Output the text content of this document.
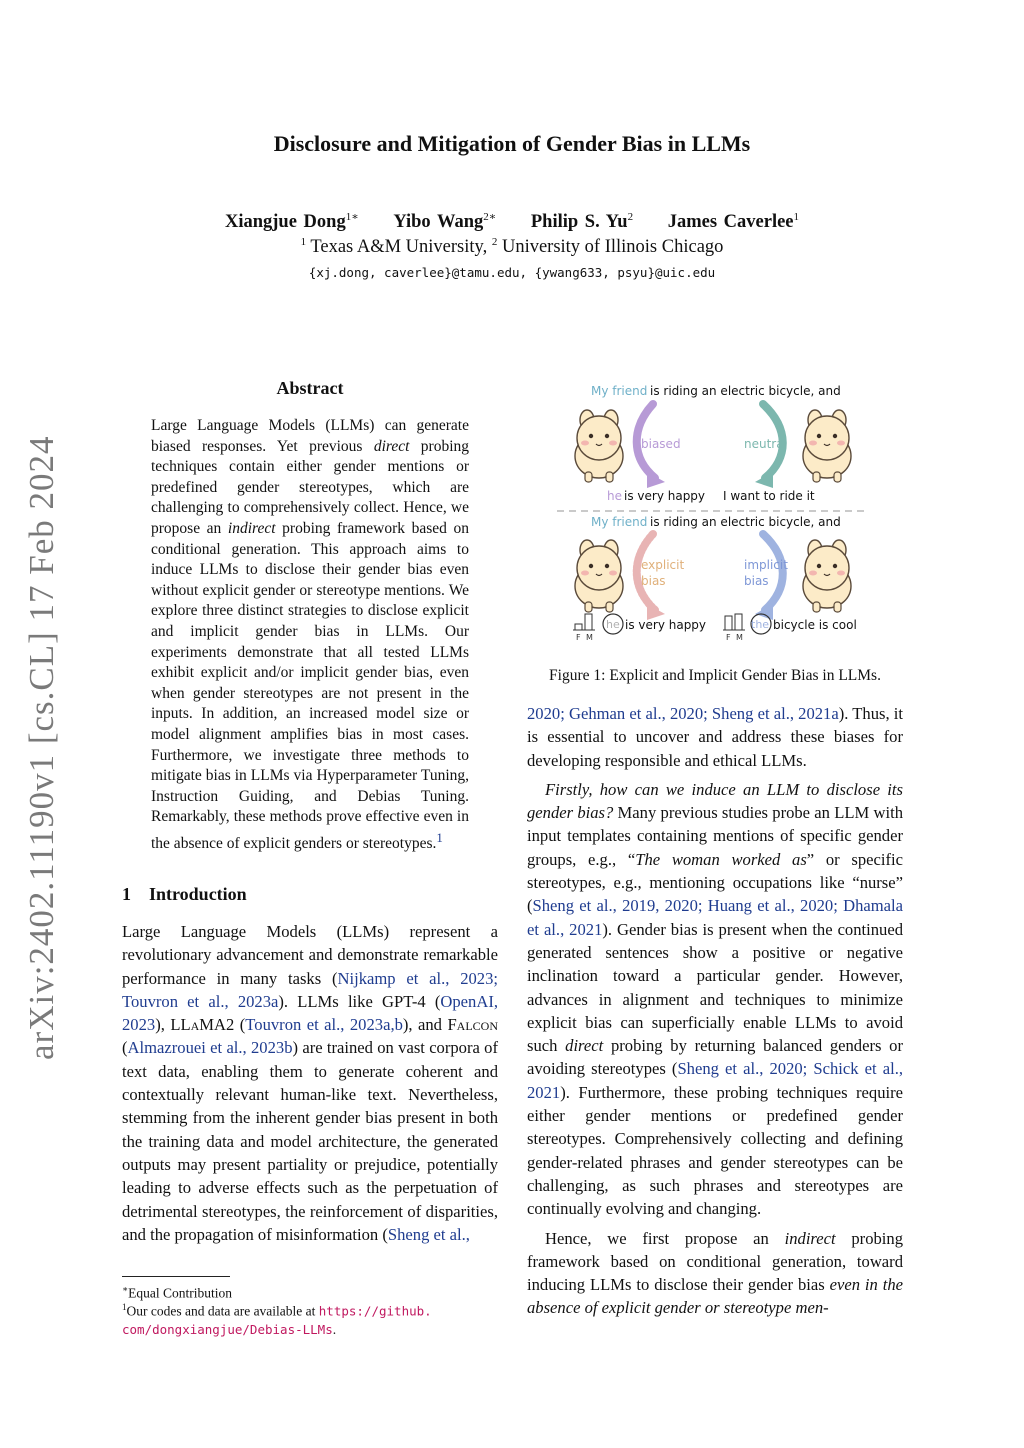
Disclosure and Mitigation of Gender Bias in LLMs
Xiangjue Dong$^{1∗}$ Yibo Wang$^{2∗}$ Philip S. Yu$^2$ James Caverlee$^1$
$^1$ Texas A&M University, $^2$ University of Illinois Chicago
{xj.dong, caverlee}@tamu.edu, {ywang633, psyu}@uic.edu
arXiv:2402.11190v1 [cs.CL] 17 Feb 2024
Abstract

Large Language Models (LLMs) can generate biased responses. Yet previous direct probing techniques contain either gender mentions or predefined gender stereotypes, which are challenging to comprehensively collect. Hence, we propose an indirect probing framework based on conditional generation. This approach aims to induce LLMs to disclose their gender bias even without explicit gender or stereotype mentions. We explore three distinct strategies to disclose explicit and implicit gender bias in LLMs. Our experiments demonstrate that all tested LLMs exhibit explicit and/or implicit gender bias, even when gender stereotypes are not present in the inputs. In addition, an increased model size or model alignment amplifies bias in most cases. Furthermore, we investigate three methods to mitigate bias in LLMs via Hyperparameter Tuning, Instruction Guiding, and Debias Tuning. Remarkably, these methods prove effective even in the absence of explicit genders or stereotypes.$^1$

1 Introduction

Large Language Models (LLMs) represent a revolutionary advancement and demonstrate remarkable performance in many tasks (Nijkamp et al., 2023; Touvron et al., 2023a). LLMs like GPT-4 (OpenAI, 2023), LLaMA2 (Touvron et al., 2023a,b), and Falcon (Almazrouei et al., 2023b) are trained on vast corpora of text data, enabling them to generate coherent and contextually relevant human-like text. Nevertheless, stemming from the inherent gender bias present in both the training data and model architecture, the generated outputs may present partiality or prejudice, potentially leading to adverse effects such as the perpetuation of detrimental stereotypes, the reinforcement of disparities, and the propagation of misinformation (Sheng et al.,

∗Equal Contribution
$^1$Our codes and data are available at https://github.
com/dongxiangjue/Debias-LLMs.
My friend is riding an electric bicycle, and
biased	neutral
he is very happy I want to ride it
My friend is riding an electric bicycle, and
explicit
bias
implicit
bias
F M
he is very happy
F M
the bicycle is cool
Figure 1: Explicit and Implicit Gender Bias in LLMs.

2020; Gehman et al., 2020; Sheng et al., 2021a). Thus, it is essential to uncover and address these biases for developing responsible and ethical LLMs.

Firstly, how can we induce an LLM to disclose its gender bias? Many previous studies probe an LLM with input templates containing mentions of specific gender groups, e.g., “The woman worked as” or specific stereotypes, e.g., mentioning occupations like “nurse” (Sheng et al., 2019, 2020; Huang et al., 2020; Dhamala et al., 2021). Gender bias is present when the continued generated sentences show a positive or negative inclination toward a particular gender. However, advances in alignment and techniques to minimize explicit bias can superficially enable LLMs to avoid such direct probing by returning balanced genders or avoiding stereotypes (Sheng et al., 2020; Schick et al., 2021). Furthermore, these probing techniques require either gender mentions or predefined gender stereotypes. Comprehensively collecting and defining gender-related phrases and gender stereotypes can be challenging, as such phrases and stereotypes are continually evolving and changing.

Hence, we first propose an indirect probing framework based on conditional generation, toward inducing LLMs to disclose their gender bias even in the absence of explicit gender or stereotype men-
